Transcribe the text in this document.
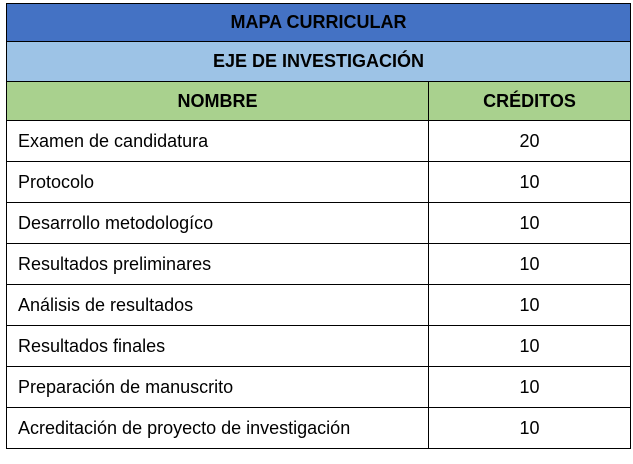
MAPA CURRICULAR	
EJE DE INVESTIGACIÓN	
NOMBRE	CRÉDITOS
Examen de candidatura	20
Protocolo	10
Desarrollo metodologíco	10
Resultados preliminares	10
Análisis de resultados	10
Resultados finales	10
Preparación de manuscrito	10
Acreditación de proyecto de investigación	10
